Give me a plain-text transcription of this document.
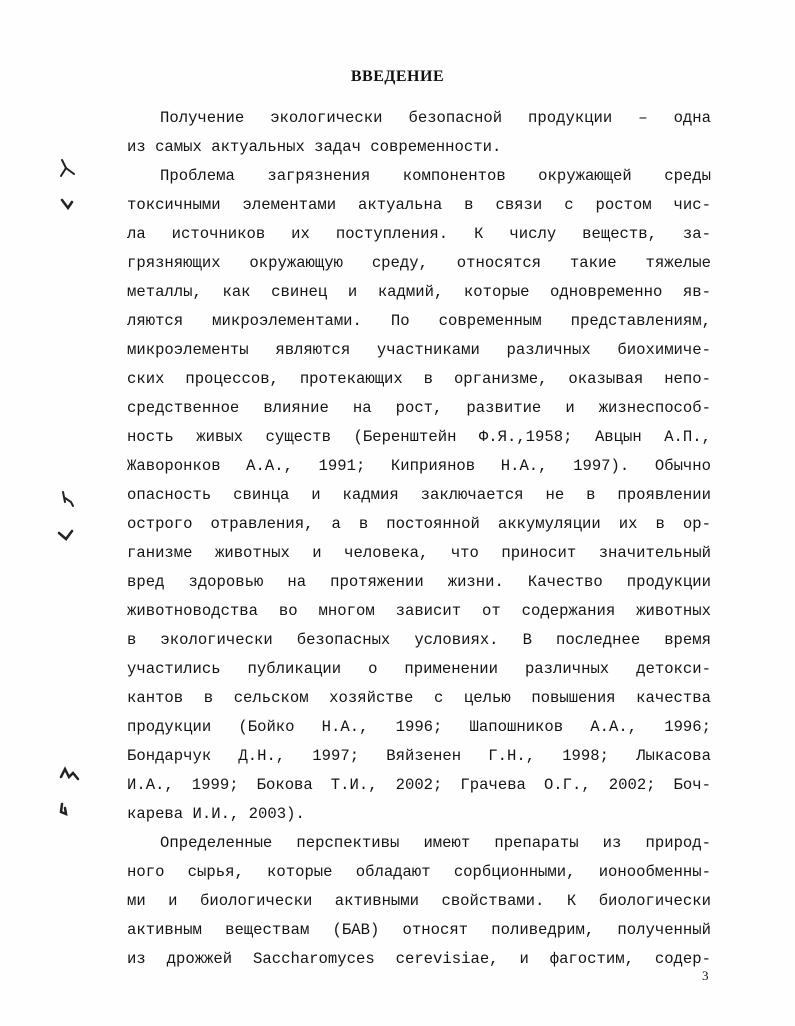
ВВЕДЕНИЕ
Получение экологически безопасной продукции – одна
из самых актуальных задач современности.
Проблема загрязнения компонентов окружающей среды
токсичными элементами актуальна в связи с ростом чис-
ла источников их поступления. К числу веществ, за-
грязняющих окружающую среду, относятся такие тяжелые
металлы, как свинец и кадмий, которые одновременно яв-
ляются микроэлементами. По современным представлениям,
микроэлементы являются участниками различных биохимиче-
ских процессов, протекающих в организме, оказывая непо-
средственное влияние на рост, развитие и жизнеспособ-
ность живых существ (Беренштейн Ф.Я.,1958; Авцын А.П.,
Жаворонков А.А., 1991; Киприянов Н.А., 1997). Обычно
опасность свинца и кадмия заключается не в проявлении
острого отравления, а в постоянной аккумуляции их в ор-
ганизме животных и человека, что приносит значительный
вред здоровью на протяжении жизни. Качество продукции
животноводства во многом зависит от содержания животных
в экологически безопасных условиях. В последнее время
участились публикации о применении различных детокси-
кантов в сельском хозяйстве с целью повышения качества
продукции (Бойко Н.А., 1996; Шапошников А.А., 1996;
Бондарчук Д.Н., 1997; Вяйзенен Г.Н., 1998; Лыкасова
И.А., 1999; Бокова Т.И., 2002; Грачева О.Г., 2002; Боч-
карева И.И., 2003).
Определенные перспективы имеют препараты из природ-
ного сырья, которые обладают сорбционными, ионообменны-
ми и биологически активными свойствами. К биологически
активным веществам (БАВ) относят поливедрим, полученный
из дрожжей Saccharomyces cerevisiae, и фагостим, содер-
3
